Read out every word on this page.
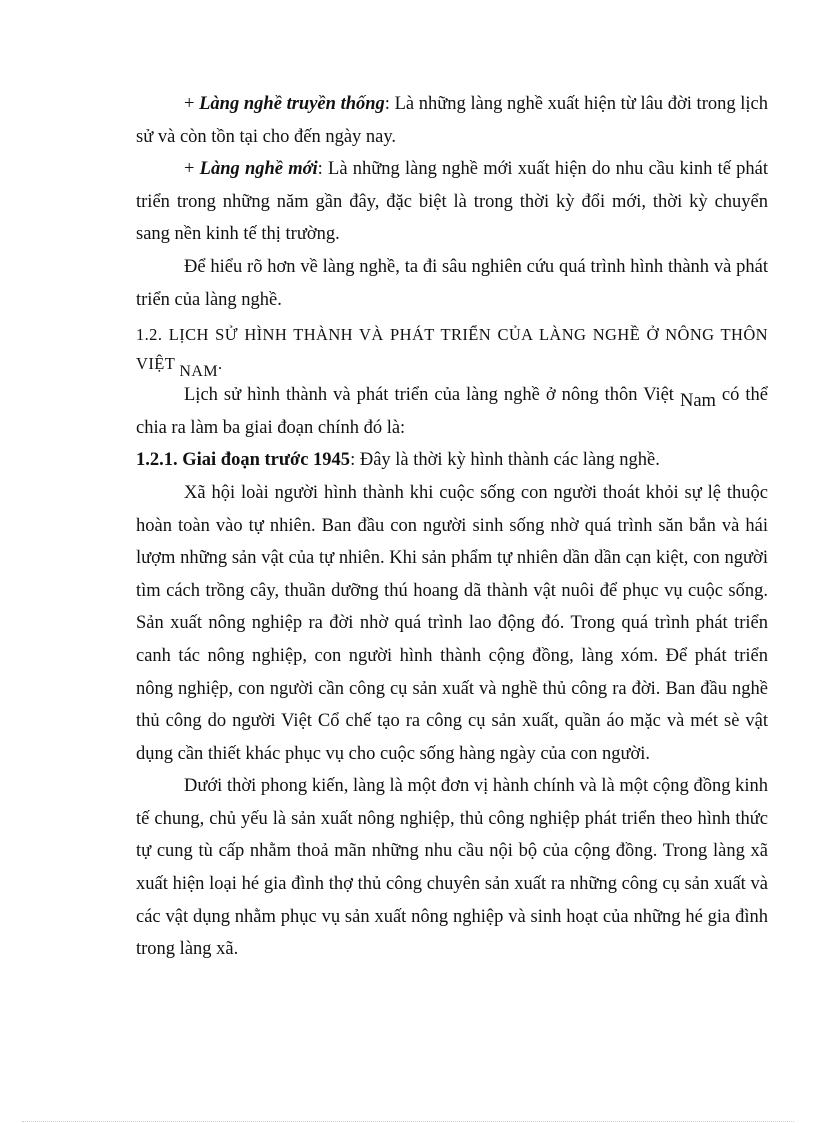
+ Làng nghề truyền thống: Là những làng nghề xuất hiện từ lâu đời trong lịch sử và còn tồn tại cho đến ngày nay.

+ Làng nghề mới: Là những làng nghề mới xuất hiện do nhu cầu kinh tế phát triển trong những năm gần đây, đặc biệt là trong thời kỳ đổi mới, thời kỳ chuyển sang nền kinh tế thị trường.

Để hiểu rõ hơn về làng nghề, ta đi sâu nghiên cứu quá trình hình thành và phát triển của làng nghề.

1.2. LỊCH SỬ HÌNH THÀNH VÀ PHÁT TRIỂN CỦA LÀNG NGHỀ Ở NÔNG THÔN VIỆT NAM.

Lịch sử hình thành và phát triển của làng nghề ở nông thôn Việt Nam có thể chia ra làm ba giai đoạn chính đó là:

1.2.1. Giai đoạn trước 1945: Đây là thời kỳ hình thành các làng nghề.

Xã hội loài người hình thành khi cuộc sống con người thoát khỏi sự lệ thuộc hoàn toàn vào tự nhiên. Ban đầu con người sinh sống nhờ quá trình săn bắn và hái lượm những sản vật của tự nhiên. Khi sản phẩm tự nhiên dần dần cạn kiệt, con người tìm cách trồng cây, thuần dưỡng thú hoang dã thành vật nuôi để phục vụ cuộc sống. Sản xuất nông nghiệp ra đời nhờ quá trình lao động đó. Trong quá trình phát triển canh tác nông nghiệp, con người hình thành cộng đồng, làng xóm. Để phát triển nông nghiệp, con người cần công cụ sản xuất và nghề thủ công ra đời. Ban đầu nghề thủ công do người Việt Cổ chế tạo ra công cụ sản xuất, quần áo mặc và mét sè vật dụng cần thiết khác phục vụ cho cuộc sống hàng ngày của con người.

Dưới thời phong kiến, làng là một đơn vị hành chính và là một cộng đồng kinh tế chung, chủ yếu là sản xuất nông nghiệp, thủ công nghiệp phát triển theo hình thức tự cung tù cấp nhằm thoả mãn những nhu cầu nội bộ của cộng đồng. Trong làng xã xuất hiện loại hé gia đình thợ thủ công chuyên sản xuất ra những công cụ sản xuất và các vật dụng nhằm phục vụ sản xuất nông nghiệp và sinh hoạt của những hé gia đình trong làng xã.
